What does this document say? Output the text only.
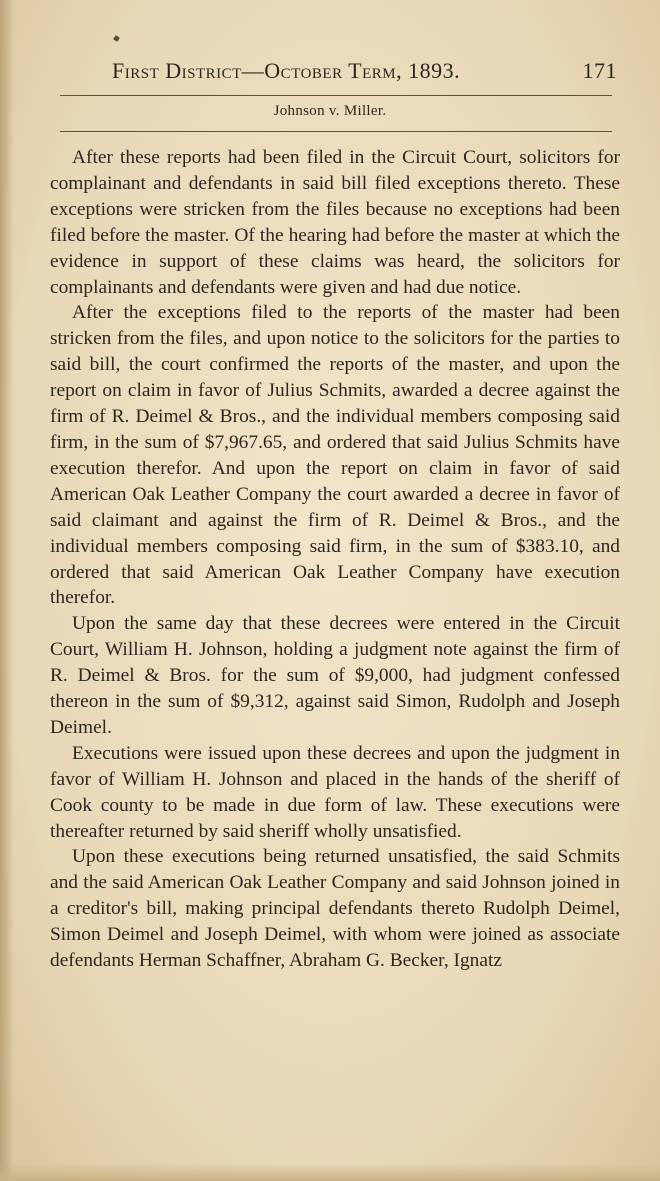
First District—October Term, 1893.	171
Johnson v. Miller.

After these reports had been filed in the Circuit Court, solicitors for complainant and defendants in said bill filed exceptions thereto. These exceptions were stricken from the files because no exceptions had been filed before the master. Of the hearing had before the master at which the evidence in support of these claims was heard, the solicitors for complainants and defendants were given and had due notice.

After the exceptions filed to the reports of the master had been stricken from the files, and upon notice to the solicitors for the parties to said bill, the court confirmed the reports of the master, and upon the report on claim in favor of Julius Schmits, awarded a decree against the firm of R. Deimel & Bros., and the individual members composing said firm, in the sum of $7,967.65, and ordered that said Julius Schmits have execution therefor. And upon the report on claim in favor of said American Oak Leather Company the court awarded a decree in favor of said claimant and against the firm of R. Deimel & Bros., and the individual members composing said firm, in the sum of $383.10, and ordered that said American Oak Leather Company have execution therefor.

Upon the same day that these decrees were entered in the Circuit Court, William H. Johnson, holding a judgment note against the firm of R. Deimel & Bros. for the sum of $9,000, had judgment confessed thereon in the sum of $9,312, against said Simon, Rudolph and Joseph Deimel.

Executions were issued upon these decrees and upon the judgment in favor of William H. Johnson and placed in the hands of the sheriff of Cook county to be made in due form of law. These executions were thereafter returned by said sheriff wholly unsatisfied.

Upon these executions being returned unsatisfied, the said Schmits and the said American Oak Leather Company and said Johnson joined in a creditor's bill, making principal defendants thereto Rudolph Deimel, Simon Deimel and Joseph Deimel, with whom were joined as associate defendants Herman Schaffner, Abraham G. Becker, Ignatz
